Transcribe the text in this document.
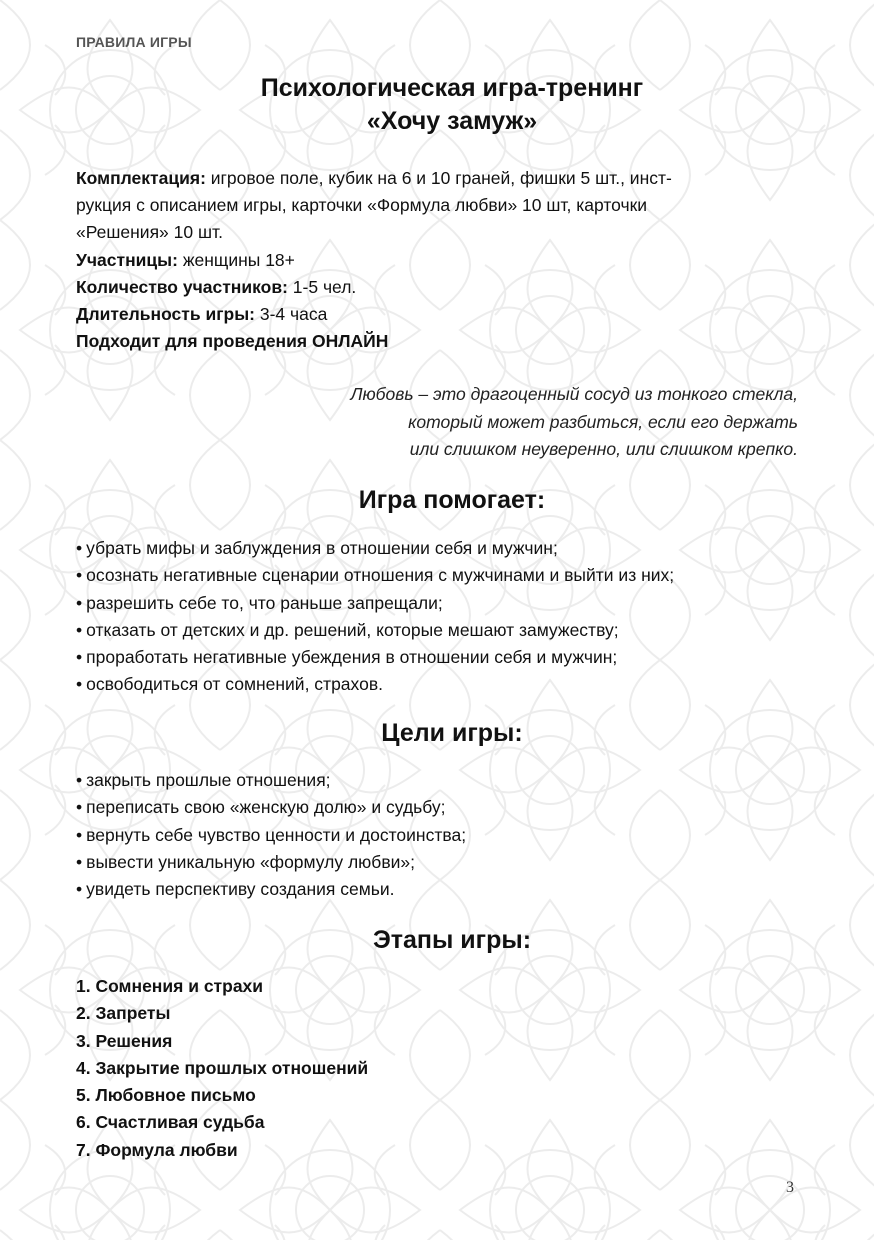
ПРАВИЛА ИГРЫ
Психологическая игра-тренинг
«Хочу замуж»

Комплектация: игровое поле, кубик на 6 и 10 граней, фишки 5 шт., инст-

рукция с описанием игры, карточки «Формула любви» 10 шт, карточки

«Решения» 10 шт.

Участницы: женщины 18+

Количество участников: 1-5 чел.

Длительность игры: 3-4 часа

Подходит для проведения ОНЛАЙН

Любовь – это драгоценный сосуд из тонкого стекла,
который может разбиться, если его держать
или слишком неуверенно, или слишком крепко.
Игра помогает:
• убрать мифы и заблуждения в отношении себя и мужчин;
• осознать негативные сценарии отношения с мужчинами и выйти из них;
• разрешить себе то, что раньше запрещали;
• отказать от детских и др. решений, которые мешают замужеству;
• проработать негативные убеждения в отношении себя и мужчин;
• освободиться от сомнений, страхов.
Цели игры:
• закрыть прошлые отношения;
• переписать свою «женскую долю» и судьбу;
• вернуть себе чувство ценности и достоинства;
• вывести уникальную «формулу любви»;
• увидеть перспективу создания семьи.
Этапы игры:
1. Сомнения и страхи
2. Запреты
3. Решения
4. Закрытие прошлых отношений
5. Любовное письмо
6. Счастливая судьба
7. Формула любви
3
